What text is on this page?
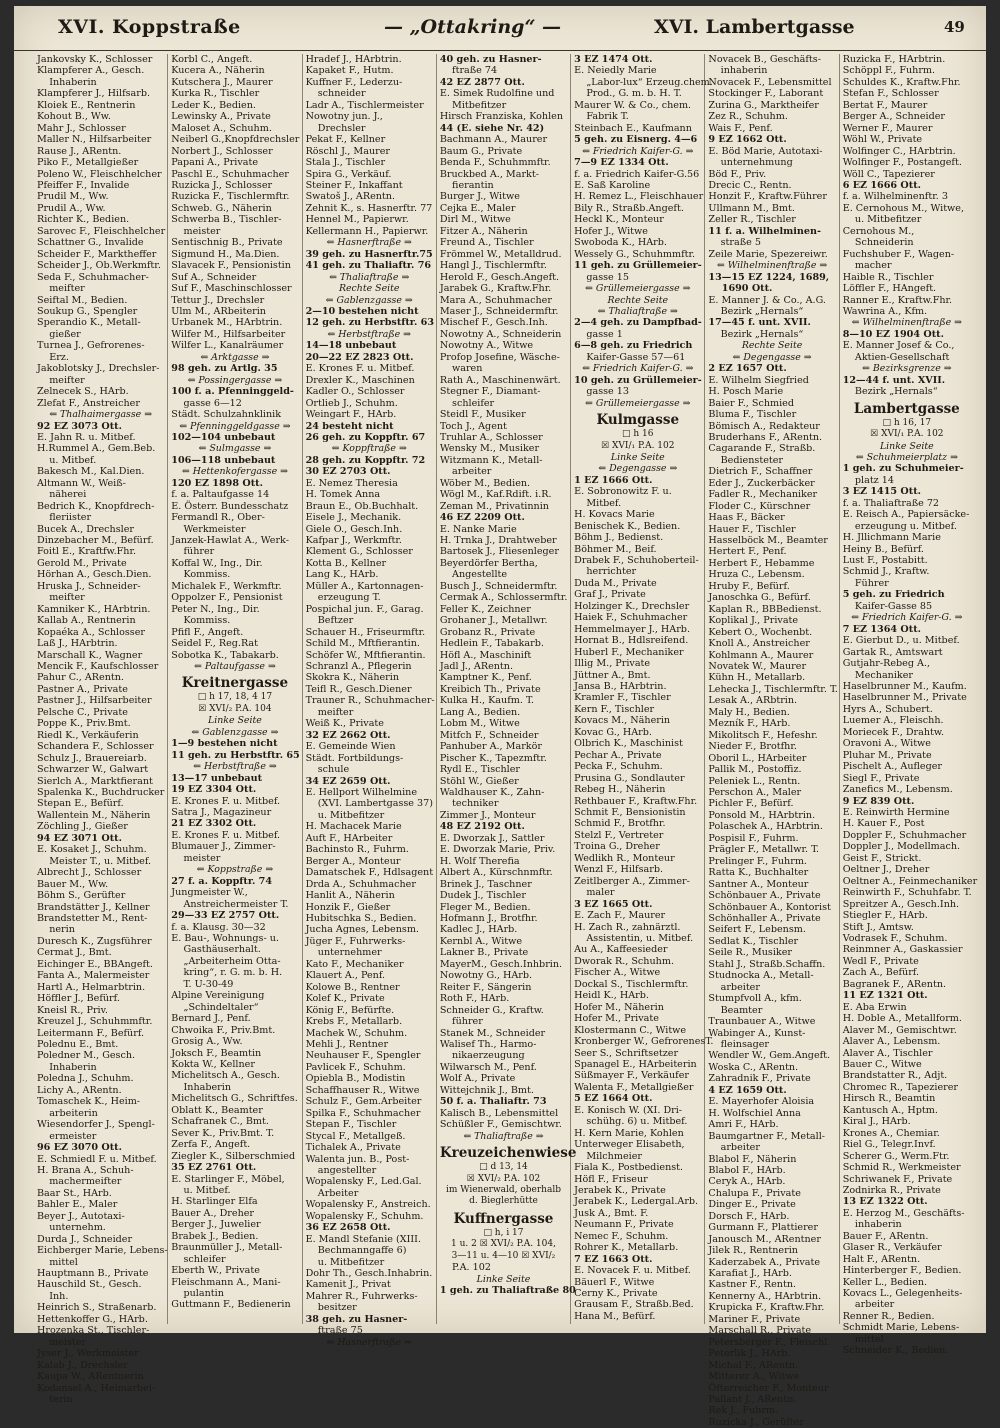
XVI. Koppstraße	— „Ottakring“ —	XVI. Lambertgasse	49
Jankovsky K., Schlosser
Klampferer A., Gesch.
Inhaberin
Klampferer J., Hilfsarb.
Kloiek E., Rentnerin
Kohout B., Ww.
Mahr J., Schlosser
Maller N., Hilfsarbeiter
Rause J., ARentn.
Piko F., Metallgießer
Poleno W., Fleischhelcher
Pfeiffer F., Invalide
Prudil M., Ww.
Prudil A., Ww.
Richter K., Bedien.
Sarovec F., Fleischhelcher
Schattner G., Invalide
Scheider F., Marktheffer
Scheider J., Ob.Werkmftr.
Seda F., Schuhmacher-
meifter
Seiftal M., Bedien.
Soukup G., Spengler
Sperandio K., Metall-
gießer
Turnea J., Gefrorenes-
Erz.
Jakoblotsky J., Drechsler-
meifter
Zelnecek S., HArb.
Zlefat F., Anstreicher
⇐ Thalhaimergasse ⇒
92 EZ 3073 Ott.
E. Jahn R. u. Mitbef.
H.Rummel A., Gem.Beb.
u. Mitbef.
Bakesch M., Kal.Dien.
Altmann W., Weiß-
näherei
Bedrich K., Knopfdrech-
fleriister
Bucek A., Drechsler
Dinzebacher M., Befürf.
Foitl E., Kraftfw.Fhr.
Gerold M., Private
Hörhan A., Gesch.Dien.
Hruska J., Schneider-
meifter
Kamniker K., HArbtrin.
Kallab A., Rentnerin
Kopaéka A., Schlosser
Laß J., HArbtrin.
Marschall K., Wagner
Mencik F., Kaufschlosser
Pahur C., ARentn.
Pastner A., Private
Pastner J., Hilfsarbeiter
Pelsche C., Private
Poppe K., Priv.Bmt.
Riedl K., Verkäuferin
Schandera F., Schlosser
Schulz J., Brauereiarb.
Schwarzer W., Galwart
Sierlch A., Marktfierant
Spalenka K., Buchdrucker
Stepan E., Befürf.
Wallentein M., Näherin
Zöchling J., Gießer
94 EZ 3071 Ott.
E. Kosaket J., Schuhm.
Meister T., u. Mitbef.
Albrecht J., Schlosser
Bauer M., Ww.
Böhm S., Gerüfter
Brandstätter J., Kellner
Brandstetter M., Rent-
nerin
Duresch K., Zugsführer
Cermat J., Bmt.
Eichinger E., BBAngeft.
Fanta A., Malermeister
Hartl A., Helmarbtrin.
Höffler J., Befürf.
Kneisl R., Priv.
Kreuzel J., Schuhmmftr.
Leitermann F., Befürf.
Polednu E., Bmt.
Poledner M., Gesch.
Inhaberin
Poledna J., Schuhm.
Lichy A., ARentn.
Tomaschek K., Heim-
arbeiterin
Wiesendorfer J., Spengl-
ermeister
96 EZ 3070 Ott.
E. Schmiedl F. u. Mitbef.
H. Brana A., Schuh-
machermeifter
Baar St., HArb.
Bahler E., Maler
Beyer J., Autotaxi-
unternehm.
Durda J., Schneider
Eichberger Marie, Lebens-
mittel
Hauptmann B., Private
Hauschild St., Gesch.
Inh.
Heinrich S., Straßenarb.
Hettenkoffer G., HArb.
Hrozenka St., Tischler-
meister
Jyser J., Werkmeister
Kalab J., Drechsler
Kaupa W., ARentnerin
Kodansel A., Heimarbei-
terin
Korbl C., Angeft.
Kucera A., Näherin
Kutschera J., Maurer
Kurka R., Tischler
Leder K., Bedien.
Lewinsky A., Private
Maloset A., Schuhm.
Neiberl G.,Knopfdrechsler
Norbert J., Schlosser
Papani A., Private
Paschl E., Schuhmacher
Ruzicka J., Schlosser
Ruzicka F., Tischlermftr.
Schweb. G., Näherin
Schwerba B., Tischler-
meister
Sentischnig B., Private
Sigmund H., Ma.Dien.
Slavacek F., Pensionistin
Suf A., Schneider
Suf F., Maschinschlosser
Tettur J., Drechsler
Ulm M., ARbeiterin
Urbanek M., HArbtrin.
Wilfer M., Hilfsarbeiter
Wilfer L., Kanalräumer
⇐ Arktgasse ⇒
98 geh. zu Artlg. 35
⇐ Possingergasse ⇒
100 f. a. Pfenninggeld-
gasse 6—12
Städt. Schulzahnklinik
⇐ Pfenninggeldgasse ⇒
102—104 unbebaut
⇐ Sulmgasse ⇒
106—118 unbebaut
⇐ Hettenkofergasse ⇒
120 EZ 1898 Ott.
f. a. Paltaufgasse 14
E. Österr. Bundesschatz
Fermandl R., Ober-
Werkmeister
Janzek-Hawlat A., Werk-
führer
Koffal W., Ing., Dir.
Kommiss.
Michalek F., Werkmftr.
Oppolzer F., Pensionist
Peter N., Ing., Dir.
Kommiss.
Pfifl F., Angeft.
Seidel F., Reg.Rat
Sobotka K., Tabakarb.
⇐ Paltaufgasse ⇒
Kreitnergasse
□ h 17, 18, 4 17
☒ XVI/₂ P.A. 104
Linke Seite
⇐ Gablenzgasse ⇒
1—9 bestehen nicht
11 geh. zu Herbstftr. 65
⇐ Herbstftraße ⇒
13—17 unbebaut
19 EZ 3304 Ott.
E. Krones F. u. Mitbef.
Satra J., Magazineur
21 EZ 3302 Ott.
E. Krones F. u. Mitbef.
Blumauer J., Zimmer-
meister
⇐ Koppstraße ⇒
27 f. a. Koppftr. 74
Jungmeister W.,
Anstreichermeister T.
29—33 EZ 2757 Ott.
f. a. Klausg. 30—32
E. Bau-, Wohnungs- u.
Gasthäuserhalt.
„Arbeiterheim Otta-
kring“, r. G. m. b. H.
T. U-30-49
Alpine Vereinigung
„Schindeltaler“
Bernard J., Penf.
Chwoika F., Priv.Bmt.
Grosig A., Ww.
Joksch F., Beamtin
Kokta W., Kellner
Michelitsch A., Gesch.
Inhaberin
Michelitsch G., Schriftfes.
Oblatt K., Beamter
Schafranek C., Bmt.
Sever K., Priv.Bmt. T.
Zerfa F., Angeft.
Ziegler K., Silberschmied
35 EZ 2761 Ott.
E. Starlinger F., Möbel,
u. Mitbef.
H. Starlinger Elfa
Bauer A., Dreher
Berger J., Juwelier
Brabek J., Bedien.
Braunmüller J., Metall-
schleifer
Eberth W., Private
Fleischmann A., Mani-
pulantin
Guttmann F., Bedienerin
Hradef J., HArbtrin.
Kapaket F., Hutm.
Kuffner F., Lederzu-
schneider
Ladr A., Tischlermeister
Nowotny jun. J.,
Drechsler
Pekat F., Kellner
Röschl J., Maurer
Stala J., Tischler
Spira G., Verkäuf.
Steiner F., Inkaffant
Swatoš J., ARentn.
Zehnit K., s. Hasnerftr. 77
Hennel M., Papierwr.
Kellermann H., Papierwr.
⇐ Hasnerftraße ⇒
39 geh. zu Hasnerftr.75
41 geh. zu Thaliaftr. 76
⇐ Thaliaftraße ⇒
Rechte Seite
⇐ Gablenzgasse ⇒
2—10 bestehen nicht
12 geh. zu Herbstftr. 63
⇐ Herbstftraße ⇒
14—18 unbebaut
20—22 EZ 2823 Ott.
E. Krones F. u. Mitbef.
Drexler K., Maschinen
Kadler O., Schlosser
Ortlieb J., Schuhm.
Weingart F., HArb.
24 besteht nicht
26 geh. zu Koppftr. 67
⇐ Koppftraße ⇒
28 geh. zu Koppftr. 72
30 EZ 2703 Ott.
E. Nemez Theresia
H. Tomek Anna
Braun E., Ob.Buchhalt.
Eisele J., Mechanik.
Giele O., Gesch.Inh.
Kafpar J., Werkmftr.
Klement G., Schlosser
Kotta B., Kellner
Lang K., HArb.
Müller A., Kartonnagen-
erzeugung T.
Pospichal jun. F., Garag.
Beftzer
Schauer H., Friseurmftr.
Schild M., Mftfierantin.
Schöfer W., Mftfierantin.
Schranzl A., Pflegerin
Skokra K., Näherin
Teifl R., Gesch.Diener
Trauner R., Schuhmacher-
meifter
Weiß K., Private
32 EZ 2662 Ott.
E. Gemeinde Wien
Städt. Fortbildungs-
schule
34 EZ 2659 Ott.
E. Hellport Wilhelmine
(XVI. Lambertgasse 37)
u. Mitbefitzer
H. Machacek Marie
Auft F., HArbeiter
Bachinsto R., Fuhrm.
Berger A., Monteur
Damatschek F., Hdlsagent
Drda A., Schuhmacher
Hanlit A., Näherin
Honzik F., Gießer
Hubitschka S., Bedien.
Jucha Agnes, Lebensm.
Jüger F., Fuhrwerks-
unternehmer
Kato F., Mechaniker
Klauert A., Penf.
Kolowe B., Rentner
Kolef K., Private
König F., Befürfte.
Krebs F., Metallarb.
Machek W., Schuhm.
Mehli J., Rentner
Neuhauser F., Spengler
Pavlicek F., Schuhm.
Opiebla B., Modistin
Schaffhauser R., Witwe
Schulz F., Gem.Arbeiter
Spilka F., Schuhmacher
Stepan F., Tischler
Stycal F., Metallgeß.
Tichalek A., Private
Walenta jun. B., Post-
angestellter
Wopalensky F., Led.Gal.
Arbeiter
Wopalensky F., Anstreich.
Wopalensky F., Schuhm.
36 EZ 2658 Ott.
E. Mandl Stefanie (XIII.
Bechmanngaffe 6)
u. Mitbefitzer
Dohr Th., Gesch.Inhabrin.
Kamenit J., Privat
Mahrer R., Fuhrwerks-
besitzer
38 geh. zu Hasner-
ftraße 75
⇐ Hasnerftraße ⇒
40 geh. zu Hasner-
ftraße 74
42 EZ 2877 Ott.
E. Simek Rudolfine und
Mitbefitzer
Hirsch Franziska, Kohlen
44 (E. siehe Nr. 42)
Bachmann A., Maurer
Baum G., Private
Benda F., Schuhmmftr.
Bruckbed A., Markt-
fierantin
Burger J., Witwe
Cejka E., Maler
Dirl M., Witwe
Fitzer A., Näherin
Freund A., Tischler
Frömmel W., Metalldrud.
Hangl J., Tischlermftr.
Herold F., Gesch.Angeft.
Jarabek G., Kraftw.Fhr.
Mara A., Schuhmacher
Maser J., Schneidermftr.
Mischef F., Gesch.Inh.
Nowotny A., Schneiderin
Nowotny A., Witwe
Profop Josefine, Wäsche-
waren
Rath A., Maschinenwärt.
Stegner F., Diamant-
schleifer
Steidl F., Musiker
Toch J., Agent
Truhlar A., Schlosser
Wensky M., Musiker
Witzmann K., Metall-
arbeiter
Wöber M., Bedien.
Wögl M., Kaf.Rdift. i.R.
Zeman M., Privatinnin
46 EZ 2209 Ott.
E. Nanke Marie
H. Trnka J., Drahtweber
Bartosek J., Fliesenleger
Beyerdörfer Bertha,
Angestellte
Busch J., Schneidermftr.
Cermak A., Schlossermftr.
Feller K., Zeichner
Grohaner J., Metallwr.
Grobanz R., Private
Hedlein F., Tabakarb.
Höfl A., Maschinift
Jadl J., ARentn.
Kamptner K., Penf.
Kreibich Th., Private
Kulka H., Kaufm. T.
Lang A., Bedien.
Lobm M., Witwe
Mitfch F., Schneider
Panhuber A., Markör
Pischer K., Tapezmftr.
Rydl E., Tischler
Stöhl W., Gießer
Waldhauser K., Zahn-
techniker
Zimmer J., Monteur
48 EZ 2192 Ott.
E. Dworzak J., Sattler
E. Dworzak Marie, Priv.
H. Wolf Therefia
Albert A., Kürschnmftr.
Brinek J., Taschner
Dudek J., Tischler
Fleger M., Bedien.
Hofmann J., Brotfhr.
Kadlec J., HArb.
Kernbl A., Witwe
Lakner B., Private
MayerM., Gesch.Inhbrin.
Nowotny G., HArb.
Reiter F., Sängerin
Roth F., HArb.
Schneider G., Kraftw.
führer
Stanek M., Schneider
Walisef Th., Harmo-
nikaerzeugung
Wilwarsch M., Penf.
Wolf A., Private
Wittejchnik J., Bmt.
50 f. a. Thaliaftr. 73
Kalisch B., Lebensmittel
Schüßler F., Gemischtwr.
⇐ Thaliaftraße ⇒
Kreuzeichenwiese
□ d 13, 14
☒ XVI/₂ P.A. 102
im Wienerwald, oberhalb
d. Bieglerhütte
Kuffnergasse
□ h, i 17
1 u. 2 ☒ XVI/₂ P.A. 104,
3—11 u. 4—10 ☒ XVI/₂
P.A. 102
Linke Seite
1 geh. zu Thaliaftraße 80
3 EZ 1474 Ott.
E. Neiedly Marie
„Labor-lux“ Erzeug.chem.
Prod., G. m. b. H. T.
Maurer W. & Co., chem.
Fabrik T.
Steinbach E., Kaufmann
5 geh. zu Eisnerg. 4—6
⇐ Friedrich Kaifer-G. ⇒
7—9 EZ 1334 Ott.
f. a. Friedrich Kaifer-G.56
E. Saß Karoline
H. Remez L., Fleischhauer
Bily R., Straßb.Angeft.
Heckl K., Monteur
Hofer J., Witwe
Swoboda K., HArb.
Wessely G., Schuhmmftr.
11 geh. zu Grüllemeier-
gasse 15
⇐ Grüllemeiergasse ⇒
Rechte Seite
⇐ Thaliaftraße ⇒
2—4 geh. zu Dampfbad-
gasse 1
6—8 geh. zu Friedrich
Kaifer-Gasse 57—61
⇐ Friedrich Kaifer-G. ⇒
10 geh. zu Grüllemeier-
gasse 13
⇐ Grüllemeiergasse ⇒
Kulmgasse
□ h 16
☒ XVI/₁ P.A. 102
Linke Seite
⇐ Degengasse ⇒
1 EZ 1666 Ott.
E. Sobronowitz F. u.
Mitbef.
H. Kovacs Marie
Benischek K., Bedien.
Böhm J., Bedienst.
Böhmer M., Beif.
Drabek F., Schuhoberteil-
herrichter
Duda M., Private
Graf J., Private
Holzinger K., Drechsler
Haiek F., Schuhmacher
Hemmelmayer J., HArb.
Hornat B., Hdlsreifend.
Huberl F., Mechaniker
Illig M., Private
Jüttner A., Bmt.
Jansa B., HArbtrin.
Kramler F., Tischler
Kern F., Tischler
Kovacs M., Näherin
Kovac G., HArb.
Olbrich K., Maschinist
Pechar A., Private
Pecka F., Schuhm.
Prusina G., Sondlauter
Rebeg H., Näherin
Rethbauer F., Kraftw.Fhr.
Schmit F., Bensionistin
Schmid F., Brotfhr.
Stelzl F., Vertreter
Troina G., Dreher
Wedlikh R., Monteur
Wenzl F., Hilfsarb.
Zeitlberger A., Zimmer-
maler
3 EZ 1665 Ott.
E. Zach F., Maurer
H. Zach R., zahnärztl.
Assistentin, u. Mitbef.
Au A., Kaffeesieder
Dworak R., Schuhm.
Fischer A., Witwe
Dockal S., Tischlermftr.
Heidl K., HArb.
Hofer M., Näherin
Hofer M., Private
Klostermann C., Witwe
Kronberger W., GefrorenesT.
Seer S., Schriftsetzer
Spanagel E., HArbeiterin
Süßmayer F., Verkäufer
Walenta F., Metallgießer
5 EZ 1664 Ott.
E. Konisch W. (XI. Dri-
schühg. 6) u. Mitbef.
H. Kern Marie, Kohlen
Unterweger Elisabeth,
Milchmeier
Fiala K., Postbedienst.
Höfl F., Friseur
Jerabek K., Private
Jerabek K., Ledergal.Arb.
Jusk A., Bmt. F.
Neumann F., Private
Nemec F., Schuhm.
Rohrer K., Metallarb.
7 EZ 1663 Ott.
E. Novacek F. u. Mitbef.
Bäuerl F., Witwe
Cerny K., Private
Grausam F., Straßb.Bed.
Hana M., Befürf.
Novacek B., Geschäfts-
inhaberin
Novacek F., Lebensmittel
Stockinger F., Laborant
Zurina G., Marktheifer
Zez R., Schuhm.
Wais F., Penf.
9 EZ 1662 Ott.
E. Böd Marie, Autotaxi-
unternehmung
Böd F., Priv.
Drecic C., Rentn.
Honzit F., Kraftw.Führer
Ullmann M., Bmt.
Zeller R., Tischler
11 f. a. Wilhelminen-
straße 5
Zeile Marie, Spezereiwr.
⇐ Wilhelminenftraße ⇒
13—15 EZ 1224, 1689,
1690 Ott.
E. Manner J. & Co., A.G.
Bezirk „Hernals“
17—45 f. unt. XVII.
Bezirk „Hernals“
Rechte Seite
⇐ Degengasse ⇒
2 EZ 1657 Ott.
E. Wilhelm Siegfried
H. Posch Marie
Baier F., Schmied
Bluma F., Tischler
Bömisch A., Redakteur
Bruderhans F., ARentn.
Cagarande F., Straßb.
Bediensteter
Dietrich F., Schaffner
Eder J., Zuckerbäcker
Fadler R., Mechaniker
Floder C., Kürschner
Haas F., Bäcker
Hauer F., Tischler
Hasselböck M., Beamter
Hertert F., Penf.
Herbert F., Hebamme
Hruza C., Lebensm.
Hruby F., Befürf.
Janoschka G., Befürf.
Kaplan R., BBBedienst.
Koplikal J., Private
Kebert O., Wochenbt.
Knoll A., Anstreicher
Kohlmann A., Maurer
Novatek W., Maurer
Kühn H., Metallarb.
Lehecka J., Tischlermftr. T.
Lesak A., ARbtrin.
Maly H., Bedien.
Mezník F., HArb.
Mikolitsch F., Hefeshr.
Nieder F., Brotfhr.
Oboril L., HArbeiter
Pallik M., Postoffiz.
Peleniek L., Rentn.
Perschon A., Maler
Pichler F., Befürf.
Ponsold M., HArbtrin.
Polaschek A., HArbtrin.
Pospisil F., Fuhrm.
Prägler F., Metallwr. T.
Prelinger F., Fuhrm.
Ratta K., Buchhalter
Santner A., Monteur
Schönbauer A., Private
Schönbauer A., Kontorist
Schönhaller A., Private
Seifert F., Lebensm.
Sedlat K., Tischler
Seile R., Musiker
Stahl J., Straßb.Schaffn.
Studnocka A., Metall-
arbeiter
Stumpfvoll A., kfm.
Beamter
Traunbauer A., Witwe
Wabinger A., Kunst-
fleinsager
Wendler W., Gem.Angeft.
Woska C., ARentn.
Zahradnik F., Private
4 EZ 1659 Ott.
E. Mayerhofer Aloisia
H. Wolfschiel Anna
Amri F., HArb.
Baumgartner F., Metall-
arbeiter
Blabol F., Näherin
Blabol F., HArb.
Ceryk A., HArb.
Chalupa F., Private
Dinger E., Private
Dorsch F., HArb.
Gurmann F., Plattierer
Janousch M., ARentner
Jilek R., Rentnerin
Kaderzabek A., Private
Karafiat J., HArb.
Kastner F., Rentn.
Kennerny A., HArbtrin.
Krupicka F., Kraftw.Fhr.
Mariner F., Private
Marschall R., Private
Petersberger F., Fleischl.
Peterlik J., HArb.
Michal F., ARentn.
Mitterer A., Witwe
Öfterreicher F., Monteur
Pallant J., ARentn.
Rek J., Fuhrm.
Ruzicka J., Gerüfter
Ruzicka F., HArbtrin.
Schöppl F., Fuhrm.
Schuldes K., Kraftw.Fhr.
Stefan F., Schlosser
Bertat F., Maurer
Berger A., Schneider
Werner F., Maurer
Wöhl W., Private
Wolfinger C., HArbtrin.
Wolfinger F., Postangeft.
Wöll C., Tapezierer
6 EZ 1666 Ott.
f. a. Wilhelminenftr. 3
E. Cernohous M., Witwe,
u. Mitbefitzer
Cernohous M.,
Schneiderin
Fuchshuber F., Wagen-
macher
Haible R., Tischler
Löffler F., HAngeft.
Ranner E., Kraftw.Fhr.
Wawrina A., Kfm.
⇐ Wilhelminenftraße ⇒
8—10 EZ 1904 Ott.
E. Manner Josef & Co.,
Aktien-Gesellschaft
⇐ Bezirksgrenze ⇒
12—44 f. unt. XVII.
Bezirk „Hernals“
Lambertgasse
□ h 16, 17
☒ XVI/₁ P.A. 102
Linke Seite
⇐ Schuhmeierplatz ⇒
1 geh. zu Schuhmeier-
platz 14
3 EZ 1415 Ott.
f. a. Thaliaftraße 72
E. Reisch A., Papiersäcke-
erzeugung u. Mitbef.
H. Jllichmann Marie
Heiny B., Befürf.
Lust F., Postabitt.
Schmid J., Kraftw.
Führer
5 geh. zu Friedrich
Kaifer-Gasse 85
⇐ Friedrich Kaifer-G. ⇒
7 EZ 1364 Ott.
E. Gierbut D., u. Mitbef.
Gartak R., Amtswart
Gutjahr-Rebeg A.,
Mechaniker
Haselbrunner M., Kaufm.
Haselbrunner M., Private
Hyrs A., Schubert.
Luemer A., Fleischh.
Moriecek F., Drahtw.
Oravoni A., Witwe
Pluhar M., Private
Pischelt A., Aufleger
Siegl F., Private
Zanefics M., Lebensm.
9 EZ 839 Ott.
E. Reinwirth Hermine
H. Kauer F., Post
Doppler F., Schuhmacher
Doppler J., Modellmach.
Geist F., Strickt.
Oeltner J., Dreher
Oeltner A., Feinmechaniker
Reinwirth F., Schuhfabr. T.
Spreitzer A., Gesch.Inh.
Stiegler F., HArb.
Stift J., Amtsw.
Vodrasek F., Schuhm.
Reinmner A., Gaskassier
Wedl F., Private
Zach A., Befürf.
Bagranek F., ARentn.
11 EZ 1321 Ott.
E. Aba Erwin
H. Doble A., Metallform.
Alaver M., Gemischtwr.
Alaver A., Lebensm.
Alaver A., Tischler
Bauer C., Witwe
Brandstatter R., Adjt.
Chromec R., Tapezierer
Hirsch R., Beamtin
Kantusch A., Hptm.
Kiral J., HArb.
Krones A., Chemiar.
Riel G., Telegr.Invf.
Scherer G., Werm.Ftr.
Schmid R., Werkmeister
Schriwanek F., Private
Zodnirka R., Private
13 EZ 1322 Ott.
E. Herzog M., Geschäfts-
inhaberin
Bauer F., ARentn.
Glaser R., Verkäufer
Halt F., ARentn.
Hinterberger F., Bedien.
Keller L., Bedien.
Kovacs L., Gelegenheits-
arbeiter
Renner R., Bedien.
Schmidt Marie, Lebens-
mittel
Schneider K., Bedien.
